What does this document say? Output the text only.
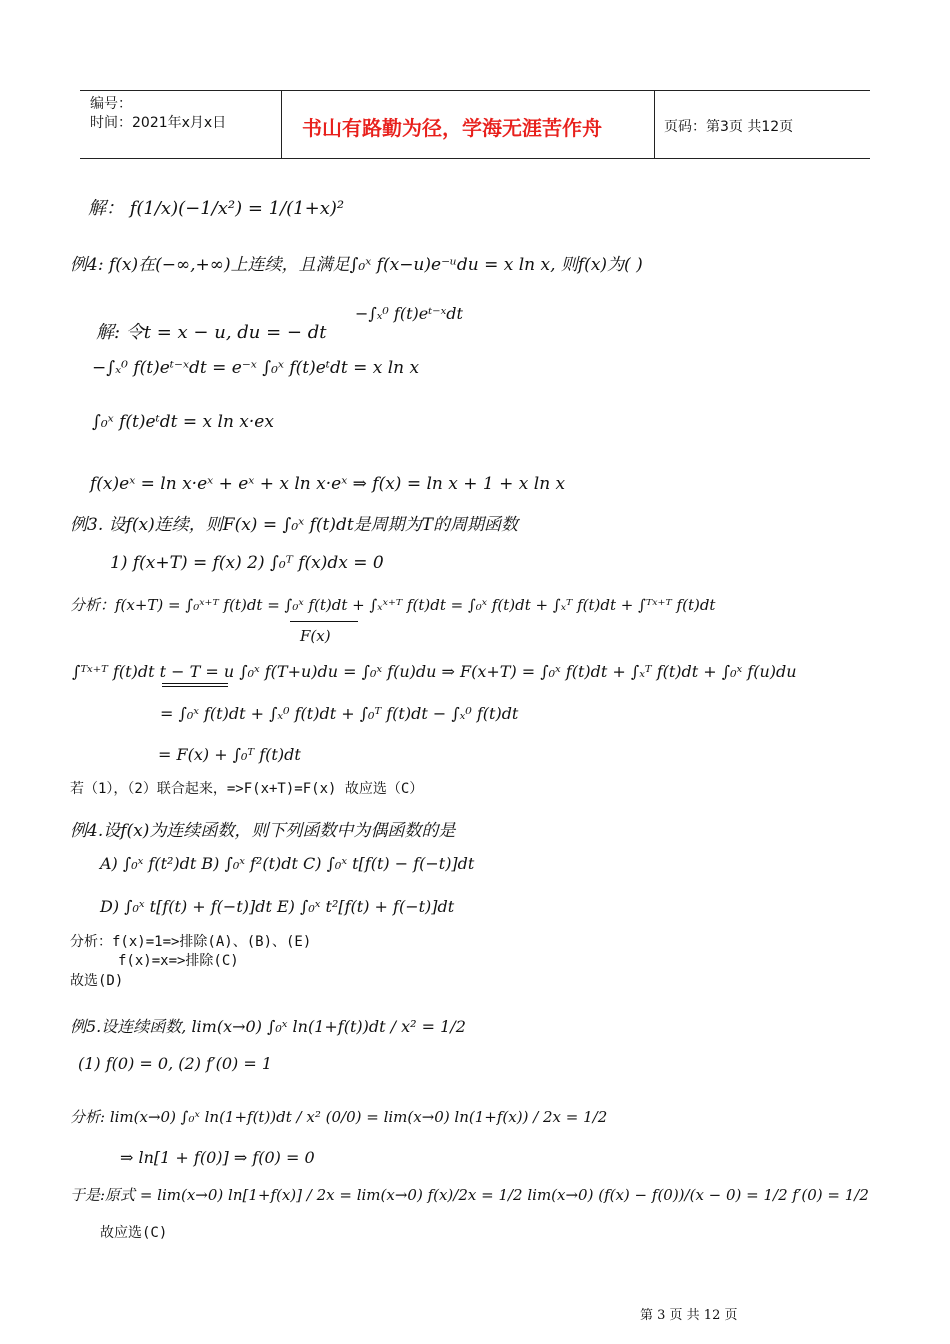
编号：
时间：2021年x月x日	书山有路勤为径，学海无涯苦作舟	页码：第3页 共12页
解： f(1/x)(−1/x²) = 1/(1+x)²
例4: f(x)在(−∞,+∞)上连续，且满足∫₀ˣ f(x−u)e⁻ᵘdu = x ln x, 则f(x)为( )
−∫ₓ⁰ f(t)eᵗ⁻ˣdt
解: 令t = x − u, du = − dt
−∫ₓ⁰ f(t)eᵗ⁻ˣdt = e⁻ˣ ∫₀ˣ f(t)eᵗdt = x ln x
∫₀ˣ f(t)eᵗdt = x ln x·ex
f(x)eˣ = ln x·eˣ + eˣ + x ln x·eˣ ⇒ f(x) = ln x + 1 + x ln x
例3. 设f(x)连续，则F(x) = ∫₀ˣ f(t)dt是周期为T的周期函数
1) f(x+T) = f(x) 2) ∫₀ᵀ f(x)dx = 0
分析：f(x+T) = ∫₀ˣ⁺ᵀ f(t)dt = ∫₀ˣ f(t)dt + ∫ₓˣ⁺ᵀ f(t)dt = ∫₀ˣ f(t)dt + ∫ₓᵀ f(t)dt + ∫ᵀˣ⁺ᵀ f(t)dt
F(x)
∫ᵀˣ⁺ᵀ f(t)dt t − T = u ∫₀ˣ f(T+u)du = ∫₀ˣ f(u)du ⇒ F(x+T) = ∫₀ˣ f(t)dt + ∫ₓᵀ f(t)dt + ∫₀ˣ f(u)du
= ∫₀ˣ f(t)dt + ∫ₓ⁰ f(t)dt + ∫₀ᵀ f(t)dt − ∫ₓ⁰ f(t)dt
= F(x) + ∫₀ᵀ f(t)dt
若（1），（2）联合起来，=>F(x+T)=F(x) 故应选（C）
例4.设f(x)为连续函数，则下列函数中为偶函数的是
A) ∫₀ˣ f(t²)dt B) ∫₀ˣ f²(t)dt C) ∫₀ˣ t[f(t) − f(−t)]dt
D) ∫₀ˣ t[f(t) + f(−t)]dt E) ∫₀ˣ t²[f(t) + f(−t)]dt
分析：f(x)=1=>排除(A)、(B)、(E)
f(x)=x=>排除(C)
故选(D)
例5.设连续函数, lim(x→0) ∫₀ˣ ln(1+f(t))dt / x² = 1/2
(1) f(0) = 0, (2) f′(0) = 1
分析: lim(x→0) ∫₀ˣ ln(1+f(t))dt / x² (0/0) = lim(x→0) ln(1+f(x)) / 2x = 1/2
⇒ ln[1 + f(0)] ⇒ f(0) = 0
于是:原式 = lim(x→0) ln[1+f(x)] / 2x = lim(x→0) f(x)/2x = 1/2 lim(x→0) (f(x) − f(0))/(x − 0) = 1/2 f′(0) = 1/2
故应选(C)
第 3 页 共 12 页
